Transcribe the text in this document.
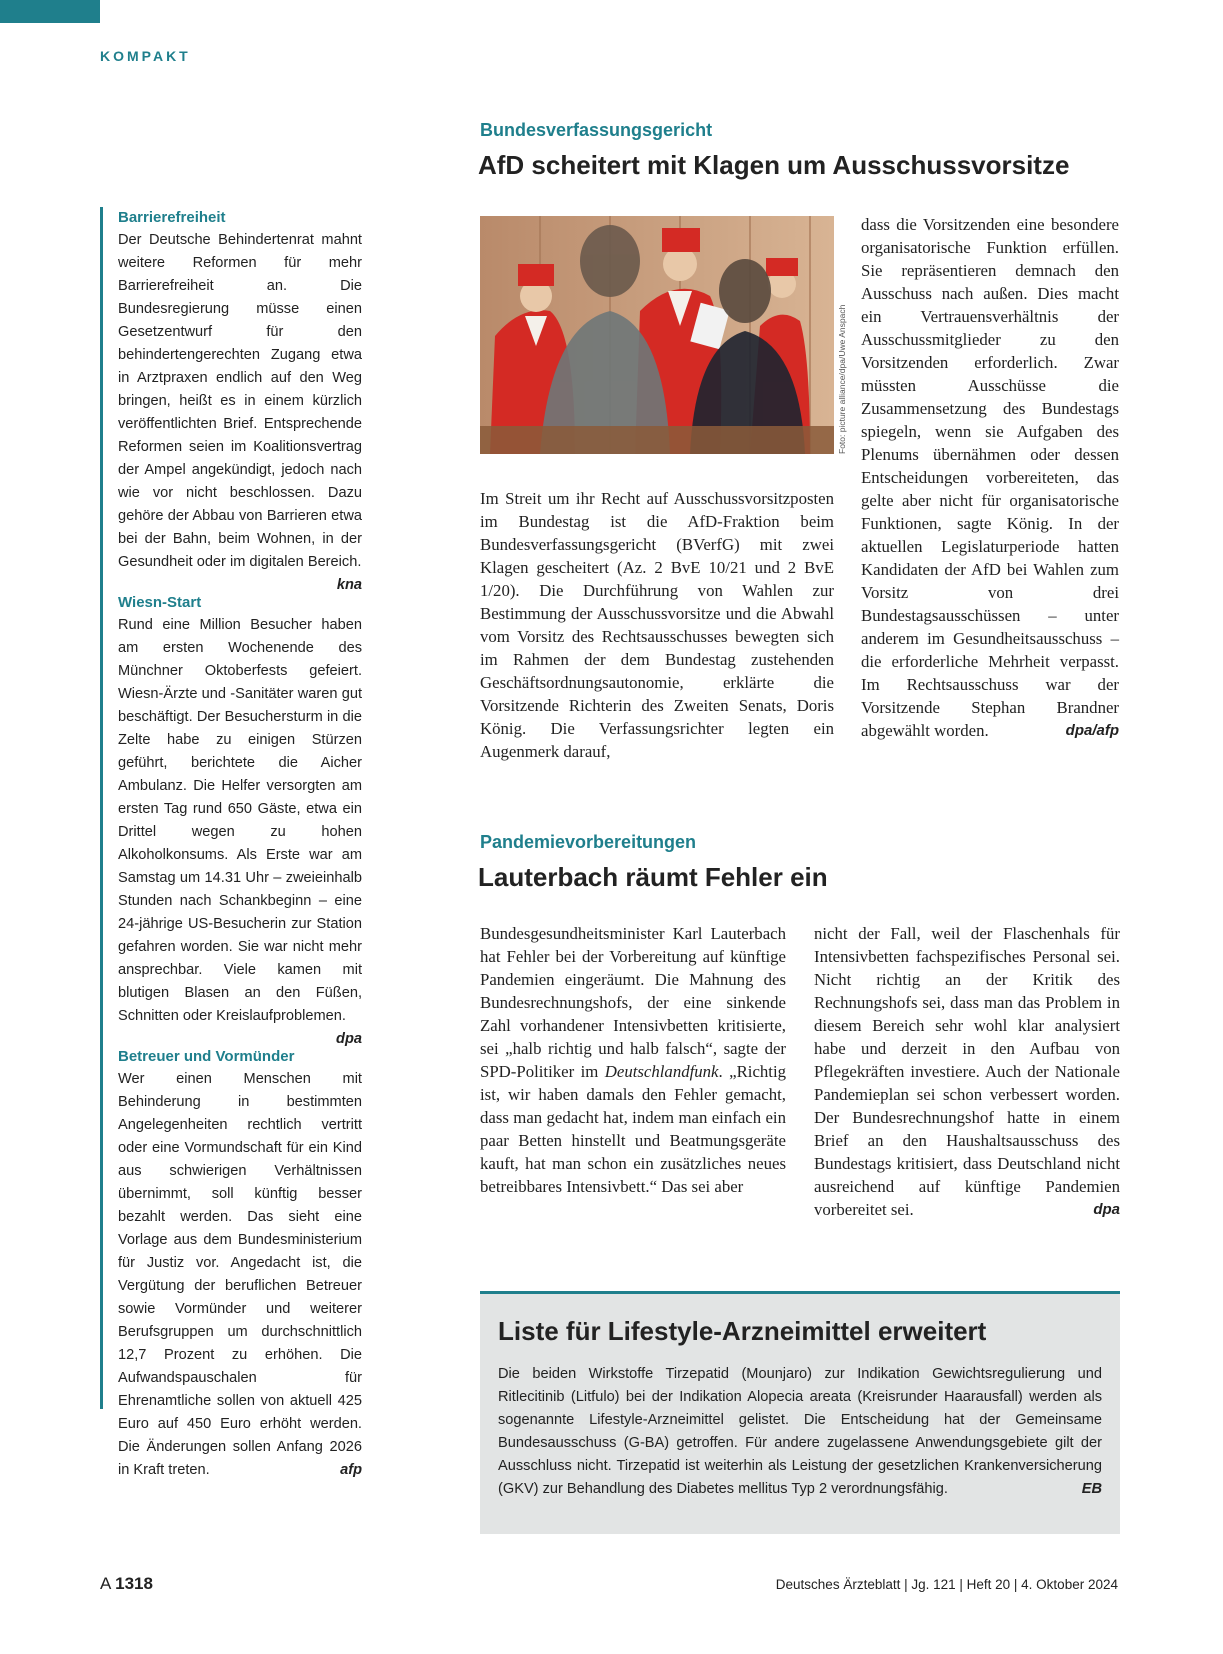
KOMPAKT
Barrierefreiheit
Der Deutsche Behindertenrat mahnt weitere Reformen für mehr Barrierefreiheit an. Die Bundesregierung müsse einen Gesetzentwurf für den behindertengerechten Zugang etwa in Arztpraxen endlich auf den Weg bringen, heißt es in einem kürzlich veröffentlichten Brief. Entsprechende Reformen seien im Koalitionsvertrag der Ampel angekündigt, jedoch nach wie vor nicht beschlossen. Dazu gehöre der Abbau von Barrieren etwa bei der Bahn, beim Wohnen, in der Gesundheit oder im digitalen Bereich.
kna
Wiesn-Start
Rund eine Million Besucher haben am ersten Wochenende des Münchner Oktoberfests gefeiert. Wiesn-Ärzte und -Sanitäter waren gut beschäftigt. Der Besuchersturm in die Zelte habe zu einigen Stürzen geführt, berichtete die Aicher Ambulanz. Die Helfer versorgten am ersten Tag rund 650 Gäste, etwa ein Drittel wegen zu hohen Alkoholkonsums. Als Erste war am Samstag um 14.31 Uhr – zweieinhalb Stunden nach Schankbeginn – eine 24-jährige US-Besucherin zur Station gefahren worden. Sie war nicht mehr ansprechbar. Viele kamen mit blutigen Blasen an den Füßen, Schnitten oder Kreislaufproblemen.
dpa
Betreuer und Vormünder
Wer einen Menschen mit Behinderung in bestimmten Angelegenheiten rechtlich vertritt oder eine Vormundschaft für ein Kind aus schwierigen Verhältnissen übernimmt, soll künftig besser bezahlt werden. Das sieht eine Vorlage aus dem Bundesministerium für Justiz vor. Angedacht ist, die Vergütung der beruflichen Betreuer sowie Vormünder und weiterer Berufsgruppen um durchschnittlich 12,7 Prozent zu erhöhen. Die Aufwandspauschalen für Ehrenamtliche sollen von aktuell 425 Euro auf 450 Euro erhöht werden. Die Änderungen sollen Anfang 2026 in Kraft treten.	afp
Bundesverfassungsgericht
AfD scheitert mit Klagen um Ausschussvorsitze
Foto: picture alliance/dpa/Uwe Anspach
Im Streit um ihr Recht auf Ausschussvorsitzposten im Bundestag ist die AfD-Fraktion beim Bundesverfassungsgericht (BVerfG) mit zwei Klagen gescheitert (Az. 2 BvE 10/21 und 2 BvE 1/20). Die Durchführung von Wahlen zur Bestimmung der Ausschussvorsitze und die Abwahl vom Vorsitz des Rechtsausschusses bewegten sich im Rahmen der dem Bundestag zustehenden Geschäftsordnungsautonomie, erklärte die Vorsitzende Richterin des Zweiten Senats, Doris König. Die Verfassungsrichter legten ein Augenmerk darauf,
dass die Vorsitzenden eine besondere organisatorische Funktion erfüllen. Sie repräsentieren demnach den Ausschuss nach außen. Dies macht ein Vertrauensverhältnis der Ausschussmitglieder zu den Vorsitzenden erforderlich. Zwar müssten Ausschüsse die Zusammensetzung des Bundestags spiegeln, wenn sie Aufgaben des Plenums übernähmen oder dessen Entscheidungen vorbereiteten, das gelte aber nicht für organisatorische Funktionen, sagte König. In der aktuellen Legislaturperiode hatten Kandidaten der AfD bei Wahlen zum Vorsitz von drei Bundestagsausschüssen – unter anderem im Gesundheitsausschuss – die erforderliche Mehrheit verpasst. Im Rechtsausschuss war der Vorsitzende Stephan Brandner abgewählt worden.	dpa/afp
Pandemievorbereitungen
Lauterbach räumt Fehler ein
Bundesgesundheitsminister Karl Lauterbach hat Fehler bei der Vorbereitung auf künftige Pandemien eingeräumt. Die Mahnung des Bundesrechnungshofs, der eine sinkende Zahl vorhandener Intensivbetten kritisierte, sei „halb richtig und halb falsch“, sagte der SPD-Politiker im Deutschlandfunk. „Richtig ist, wir haben damals den Fehler gemacht, dass man gedacht hat, indem man einfach ein paar Betten hinstellt und Beatmungsgeräte kauft, hat man schon ein zusätzliches neues betreibbares Intensivbett.“ Das sei aber
nicht der Fall, weil der Flaschenhals für Intensivbetten fachspezifisches Personal sei. Nicht richtig an der Kritik des Rechnungshofs sei, dass man das Problem in diesem Bereich sehr wohl klar analysiert habe und derzeit in den Aufbau von Pflegekräften investiere. Auch der Nationale Pandemieplan sei schon verbessert worden. Der Bundesrechnungshof hatte in einem Brief an den Haushaltsausschuss des Bundestags kritisiert, dass Deutschland nicht ausreichend auf künftige Pandemien vorbereitet sei.	dpa
Liste für Lifestyle-Arzneimittel erweitert
Die beiden Wirkstoffe Tirzepatid (Mounjaro) zur Indikation Gewichtsregulierung und Ritlecitinib (Litfulo) bei der Indikation Alopecia areata (Kreisrunder Haarausfall) werden als sogenannte Lifestyle-Arzneimittel gelistet. Die Entscheidung hat der Gemeinsame Bundesausschuss (G-BA) getroffen. Für andere zugelassene Anwendungsgebiete gilt der Ausschluss nicht. Tirzepatid ist weiterhin als Leistung der gesetzlichen Krankenversicherung (GKV) zur Behandlung des Diabetes mellitus Typ 2 verordnungsfähig.	EB
A 1318	Deutsches Ärzteblatt | Jg. 121 | Heft 20 | 4. Oktober 2024
